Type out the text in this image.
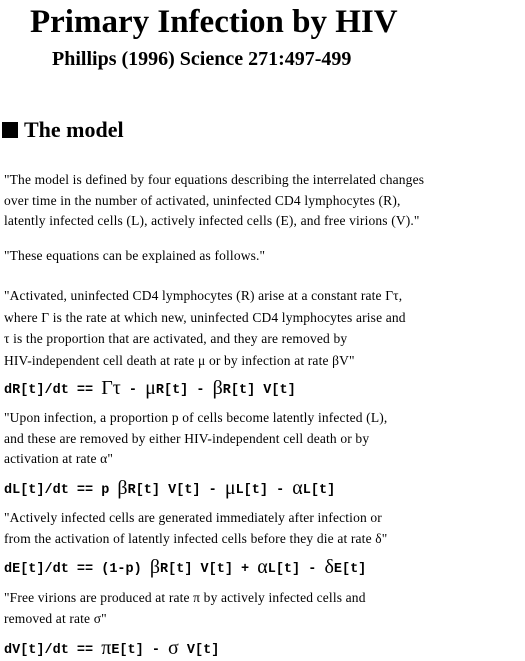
Primary Infection by HIV
Phillips (1996) Science 271:497-499
The model
"The model is defined by four equations describing the interrelated changes
over time in the number of activated, uninfected CD4 lymphocytes (R),
latently infected cells (L), actively infected cells (E), and free virions (V)."
"These equations can be explained as follows."
"Activated, uninfected CD4 lymphocytes (R) arise at a constant rate Γτ,
where Γ is the rate at which new, uninfected CD4 lymphocytes arise and
τ is the proportion that are activated, and they are removed by
HIV-independent cell death at rate μ or by infection at rate βV"
dR[t]/dt == Γτ - μR[t] - βR[t] V[t]
"Upon infection, a proportion p of cells become latently infected (L),
and these are removed by either HIV-independent cell death or by
activation at rate α"
dL[t]/dt == p βR[t] V[t] - μL[t] - αL[t]
"Actively infected cells are generated immediately after infection or
from the activation of latently infected cells before they die at rate δ"
dE[t]/dt == (1-p) βR[t] V[t] + αL[t] - δE[t]
"Free virions are produced at rate π by actively infected cells and
removed at rate σ"
dV[t]/dt == πE[t] - σ V[t]
